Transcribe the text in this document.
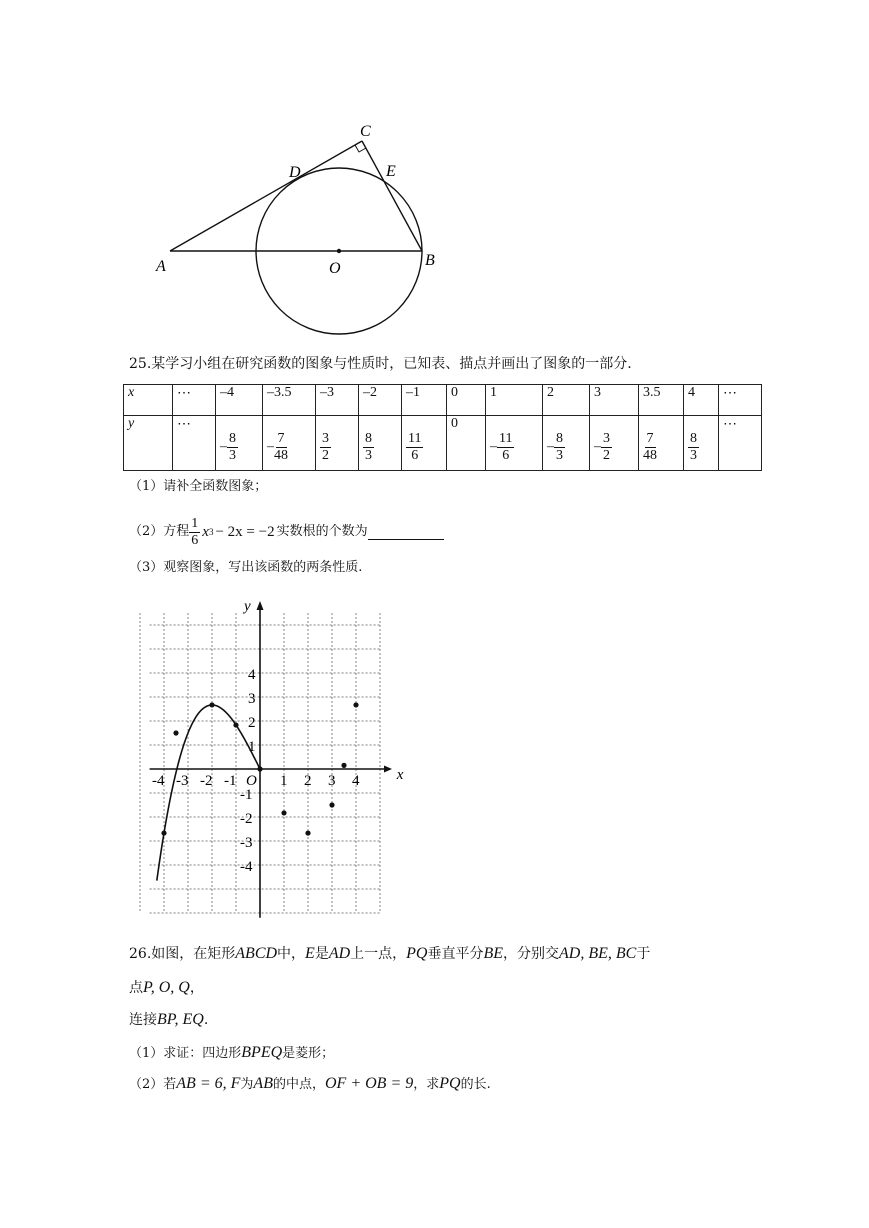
A	O	B
C
D	E
25.某学习小组在研究函数的图象与性质时，已知表、描点并画出了图象的一部分.
x	⋯	–4	–3.5	–3	–2	–1	0	1	2	3	3.5	4	⋯
y	⋯	– $\frac{8}{3}$	– $\frac{7}{48}$	$\frac{3}{2}$	$\frac{8}{3}$	$\frac{11}{6}$	0	– $\frac{11}{6}$	– $\frac{8}{3}$	– $\frac{3}{2}$	$\frac{7}{48}$	$\frac{8}{3}$	⋯
（1）请补全函数图象；
（2）方程 $\frac{1}{6}$ x 3 − 2x = −2 实数根的个数为
（3）观察图象，写出该函数的两条性质.
x
y
O
-4 -3 -2 -1	1 2 3 4
4
3
2
1
-1
-2
-3
-4
26.如图，在矩形ABCD中，E是AD上一点，PQ垂直平分BE，分别交AD, BE, BC于
点P, O, Q，
连接BP, EQ.
（1）求证：四边形BPEQ是菱形；
（2）若AB = 6, F为AB的中点，OF + OB = 9，求PQ的长.
